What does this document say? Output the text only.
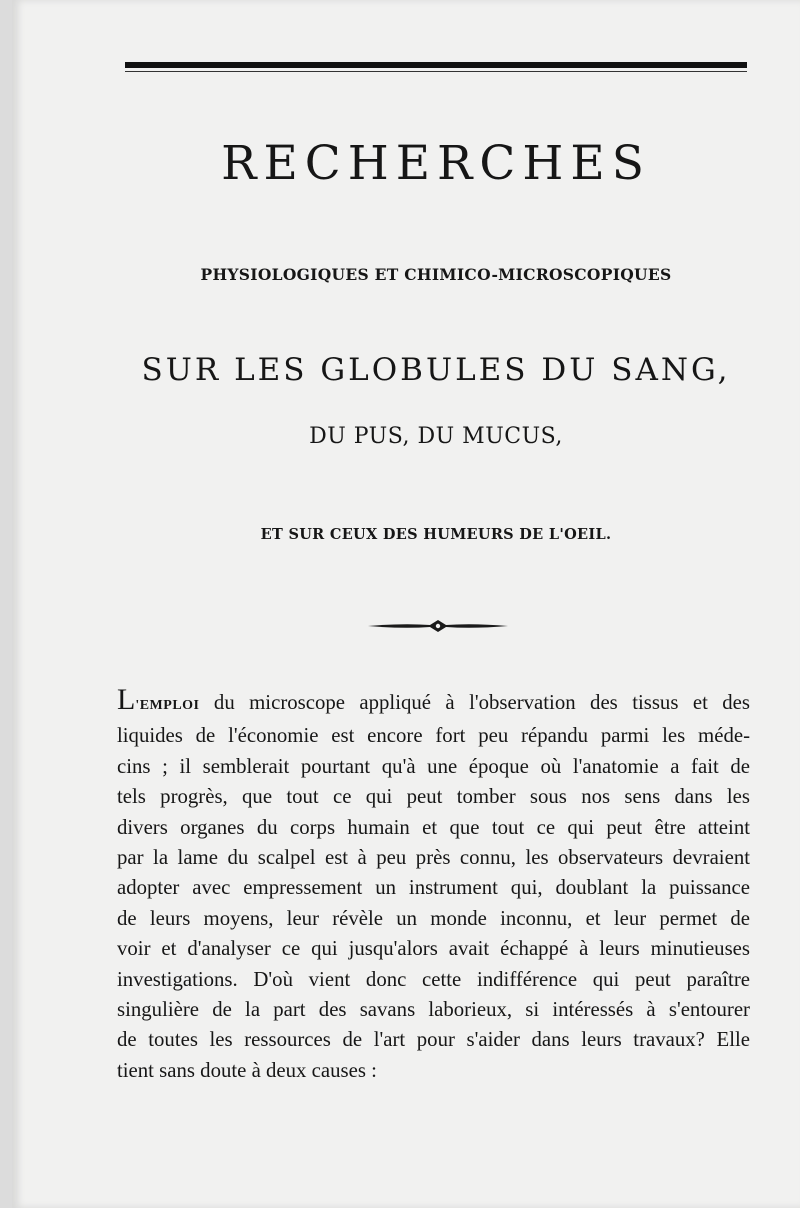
RECHERCHES
PHYSIOLOGIQUES ET CHIMICO-MICROSCOPIQUES
SUR LES GLOBULES DU SANG,
DU PUS, DU MUCUS,
ET SUR CEUX DES HUMEURS DE L'OEIL.
L'EMPLOI du microscope appliqué à l'observation des tissus et des
liquides de l'économie est encore fort peu répandu parmi les méde-
cins ; il semblerait pourtant qu'à une époque où l'anatomie a fait de
tels progrès, que tout ce qui peut tomber sous nos sens dans les
divers organes du corps humain et que tout ce qui peut être atteint
par la lame du scalpel est à peu près connu, les observateurs devraient
adopter avec empressement un instrument qui, doublant la puissance
de leurs moyens, leur révèle un monde inconnu, et leur permet de
voir et d'analyser ce qui jusqu'alors avait échappé à leurs minutieuses
investigations. D'où vient donc cette indifférence qui peut paraître
singulière de la part des savans laborieux, si intéressés à s'entourer
de toutes les ressources de l'art pour s'aider dans leurs travaux? Elle
tient sans doute à deux causes :
